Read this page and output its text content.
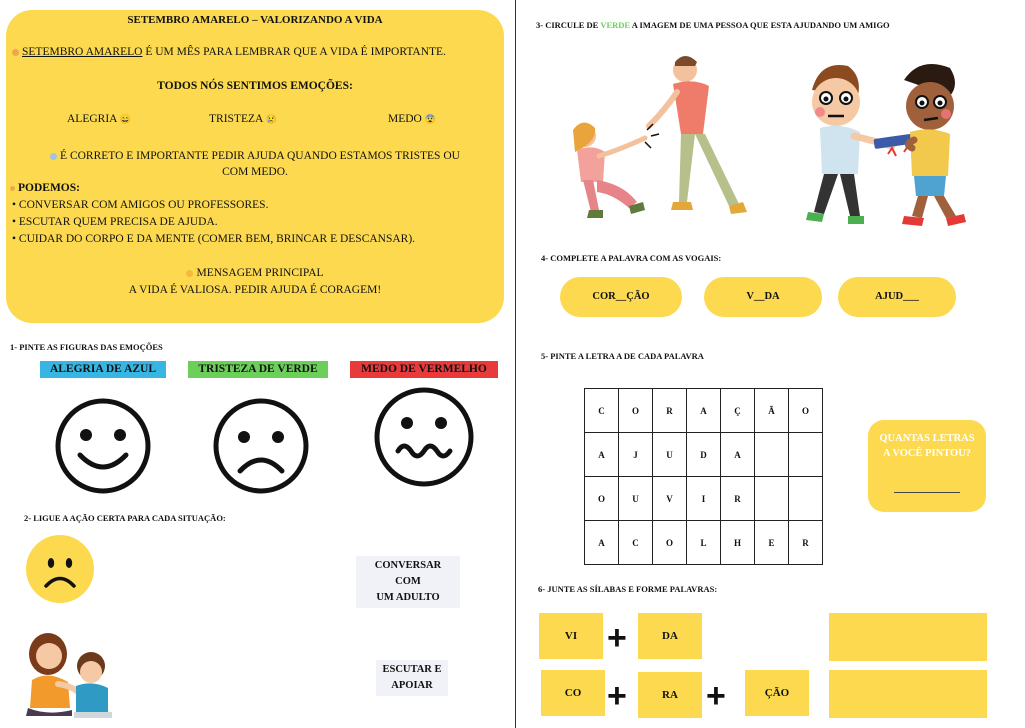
SETEMBRO AMARELO – VALORIZANDO A VIDA
SETEMBRO AMARELO É UM MÊS PARA LEMBRAR QUE A VIDA É IMPORTANTE.
TODOS NÓS SENTIMOS EMOÇÕES:
ALEGRIA 😄	TRISTEZA 😢	MEDO 😨
É CORRETO E IMPORTANTE PEDIR AJUDA QUANDO ESTAMOS TRISTES OU
COM MEDO.
PODEMOS:
• CONVERSAR COM AMIGOS OU PROFESSORES.
• ESCUTAR QUEM PRECISA DE AJUDA.
• CUIDAR DO CORPO E DA MENTE (COMER BEM, BRINCAR E DESCANSAR).
MENSAGEM PRINCIPAL
A VIDA É VALIOSA. PEDIR AJUDA É CORAGEM!
1- PINTE AS FIGURAS DAS EMOÇÕES
ALEGRIA DE AZUL	TRISTEZA DE VERDE	MEDO DE VERMELHO
2- LIGUE A AÇÃO CERTA PARA CADA SITUAÇÃO:
CONVERSAR COM
UM ADULTO
ESCUTAR E
APOIAR
3- CIRCULE DE VERDE A IMAGEM DE UMA PESSOA QUE ESTA AJUDANDO UM AMIGO
4- COMPLETE A PALAVRA COM AS VOGAIS:
COR__ÇÃO	V__DA	AJUD___
5- PINTE A LETRA A DE CADA PALAVRA
C	O	R	A	Ç	Ã	O
A	J	U	D	A		
O	U	V	I	R		
A	C	O	L	H	E	R
QUANTAS LETRAS
A VOCÊ PINTOU?
6- JUNTE AS SÍLABAS E FORME PALAVRAS:
VI +	DA
CO +	RA +	ÇÃO
